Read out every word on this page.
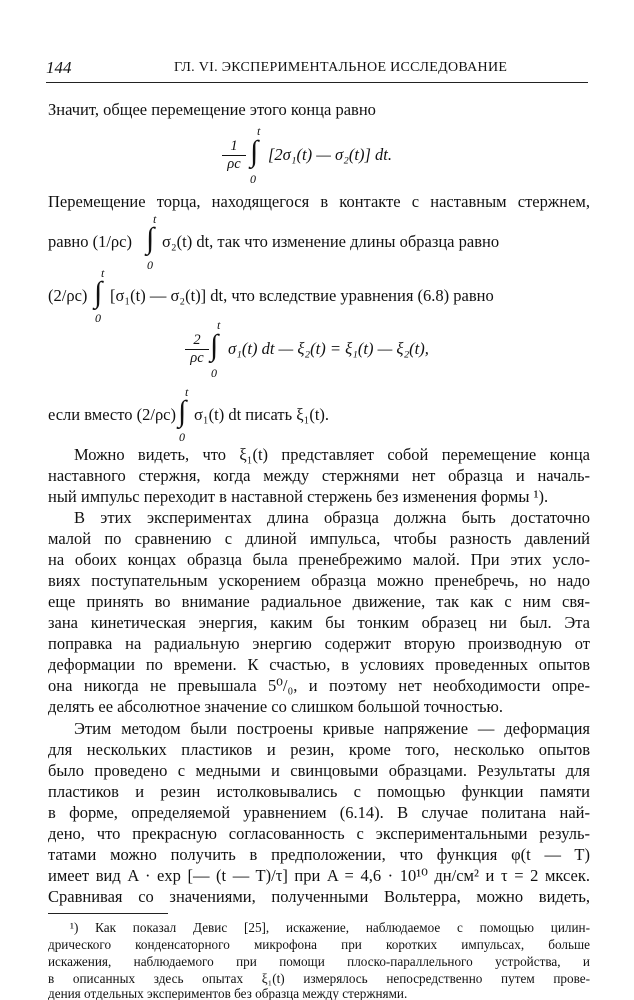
144	ГЛ. VI. ЭКСПЕРИМЕНТАЛЬНОЕ ИССЛЕДОВАНИЕ
Значит, общее перемещение этого конца равно
$\frac{1}{\rho c}$ ∫
t
0
[2σ₁(t) — σ₂(t)] dt.
Перемещение торца, находящегося в контакте с наставным стержнем,
равно (1/ρc) ∫
t
0
σ₂(t) dt, так что изменение длины образца равно
(2/ρc) ∫
t
0
[σ₁(t) — σ₂(t)] dt, что вследствие уравнения (6.8) равно
$\frac{2}{\rho c}$ ∫
t
0
σ₁(t) dt — ξ₂(t) = ξ₁(t) — ξ₂(t),
если вместо (2/ρc) ∫
t
0
σ₁(t) dt писать ξ₁(t).
Можно видеть, что ξ₁(t) представляет собой перемещение конца
наставного стержня, когда между стержнями нет образца и началь-
ный импульс переходит в наставной стержень без изменения формы ¹).
В этих экспериментах длина образца должна быть достаточно
малой по сравнению с длиной импульса, чтобы разность давлений
на обоих концах образца была пренебрежимо малой. При этих усло-
виях поступательным ускорением образца можно пренебречь, но надо
еще принять во внимание радиальное движение, так как с ним свя-
зана кинетическая энергия, каким бы тонким образец ни был. Эта
поправка на радиальную энергию содержит вторую производную от
деформации по времени. К счастью, в условиях проведенных опытов
она никогда не превышала 5⁰/₀, и поэтому нет необходимости опре-
делять ее абсолютное значение со слишком большой точностью.
Этим методом были построены кривые напряжение — деформация
для нескольких пластиков и резин, кроме того, несколько опытов
было проведено с медными и свинцовыми образцами. Результаты для
пластиков и резин истолковывались с помощью функции памяти
в форме, определяемой уравнением (6.14). В случае политана най-
дено, что прекрасную согласованность с экспериментальными резуль-
татами можно получить в предположении, что функция φ(t — T)
имеет вид A · exp [— (t — T)/τ] при A = 4,6 · 10¹⁰ дн/см² и τ = 2 мксек.
Сравнивая со значениями, полученными Вольтерра, можно видеть,
¹) Как показал Девис [25], искажение, наблюдаемое с помощью цилин-
дрического конденсаторного микрофона при коротких импульсах, больше
искажения, наблюдаемого при помощи плоско-параллельного устройства, и
в описанных здесь опытах ξ₁(t) измерялось непосредственно путем прове-
дения отдельных экспериментов без образца между стержнями.
